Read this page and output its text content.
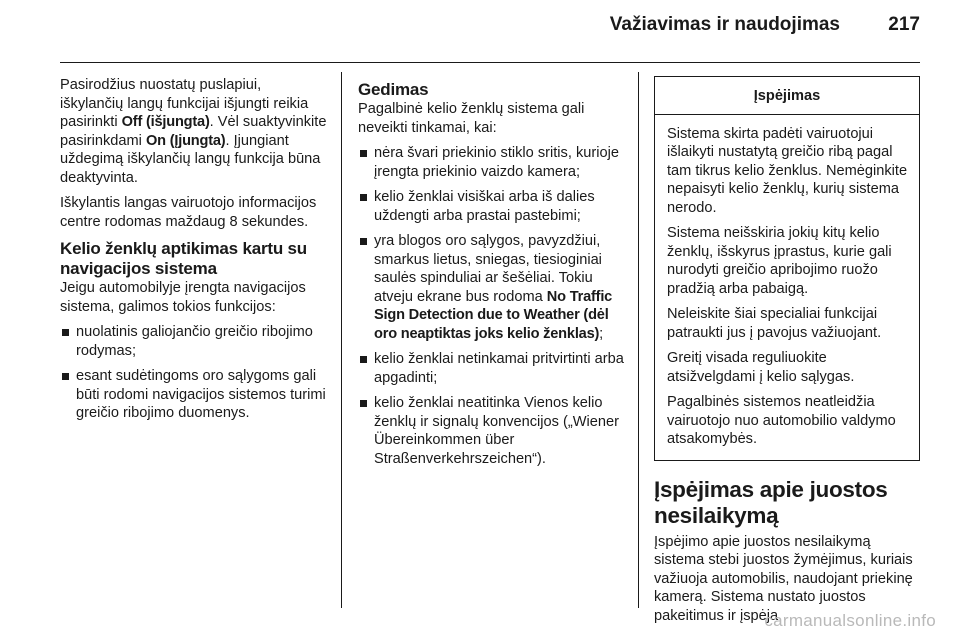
Važiavimas ir naudojimas	217

Pasirodžius nuostatų puslapiui, iškylančių langų funkcijai išjungti reikia pasirinkti Off (išjungta). Vėl suaktyvinkite pasirinkdami On (Įjungta). Įjungiant uždegimą iškylančių langų funkcija būna deaktyvinta.

Iškylantis langas vairuotojo informacijos centre rodomas maždaug 8 sekundes.

Kelio ženklų aptikimas kartu su navigacijos sistema

Jeigu automobilyje įrengta navigacijos sistema, galimos tokios funkcijos:

nuolatinis galiojančio greičio ribojimo rodymas;
esant sudėtingoms oro sąlygoms gali būti rodomi navigacijos sistemos turimi greičio ribojimo duomenys.
Gedimas

Pagalbinė kelio ženklų sistema gali neveikti tinkamai, kai:

nėra švari priekinio stiklo sritis, kurioje įrengta priekinio vaizdo kamera;
kelio ženklai visiškai arba iš dalies uždengti arba prastai pastebimi;
yra blogos oro sąlygos, pavyzdžiui, smarkus lietus, sniegas, tiesioginiai saulės spinduliai ar šešėliai. Tokiu atveju ekrane bus rodoma No Traffic Sign Detection due to Weather (dėl oro neaptiktas joks kelio ženklas);
kelio ženklai netinkamai pritvirtinti arba apgadinti;
kelio ženklai neatitinka Vienos kelio ženklų ir signalų konvencijos („Wiener Übereinkommen über Straßenverkehrszeichen“).
Įspėjimas

Sistema skirta padėti vairuotojui išlaikyti nustatytą greičio ribą pagal tam tikrus kelio ženklus. Nemėginkite nepaisyti kelio ženklų, kurių sistema nerodo.

Sistema neišskiria jokių kitų kelio ženklų, išskyrus įprastus, kurie gali nurodyti greičio apribojimo ruožo pradžią arba pabaigą.

Neleiskite šiai specialiai funkcijai patraukti jus į pavojus važiuojant.

Greitį visada reguliuokite atsižvelgdami į kelio sąlygas.

Pagalbinės sistemos neatleidžia vairuotojo nuo automobilio valdymo atsakomybės.

Įspėjimas apie juostos nesilaikymą

Įspėjimo apie juostos nesilaikymą sistema stebi juostos žymėjimus, kuriais važiuoja automobilis, naudojant priekinę kamerą. Sistema nustato juostos pakeitimus ir įspėja

carmanualsonline.info
